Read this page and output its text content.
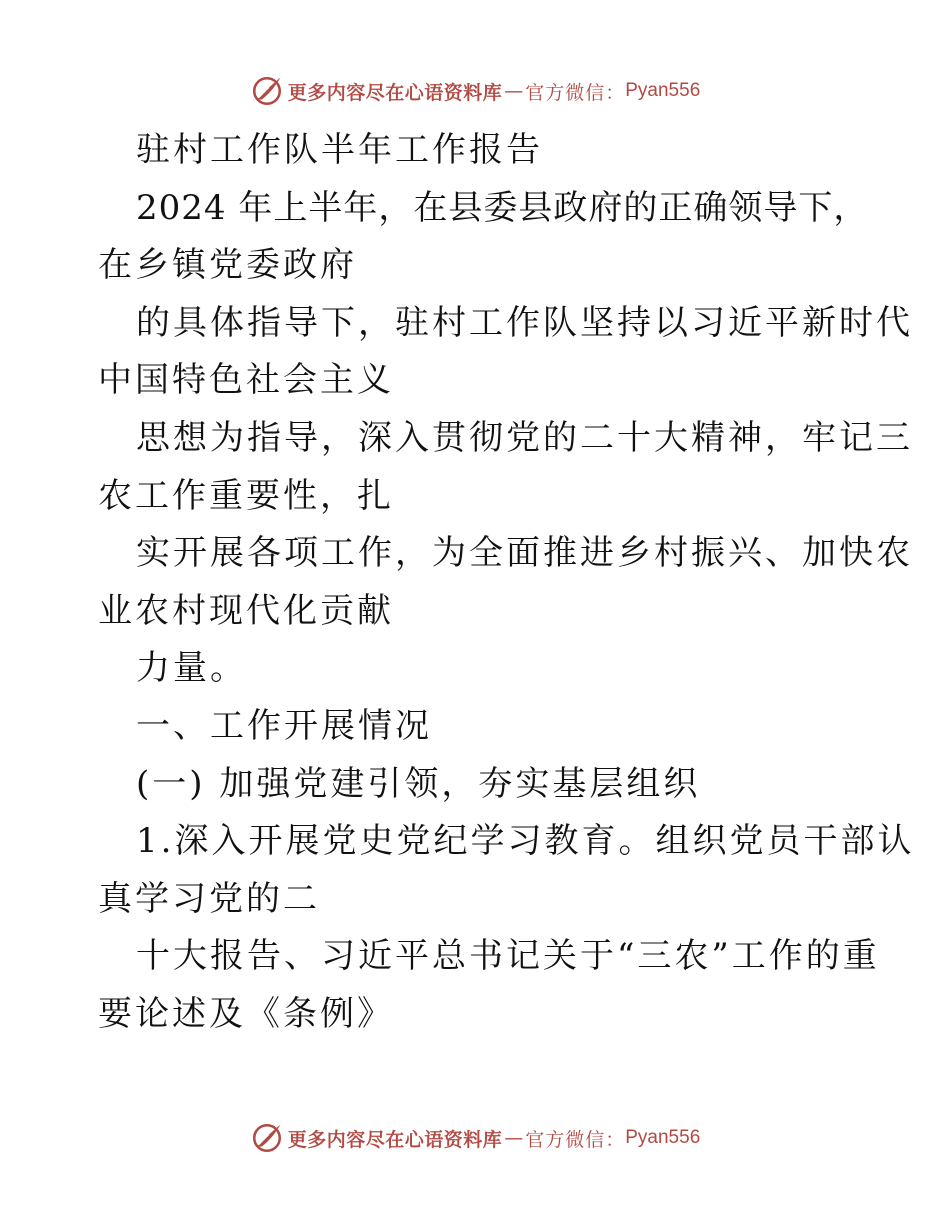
更多内容尽在心语资料库 — 官方微信： Pyan556
驻村工作队半年工作报告
2024 年上半年，在县委县政府的正确领导下，
在乡镇党委政府
的具体指导下，驻村工作队坚持以习近平新时代
中国特色社会主义
思想为指导，深入贯彻党的二十大精神，牢记三
农工作重要性，扎
实开展各项工作，为全面推进乡村振兴、加快农
业农村现代化贡献
力量。
一、工作开展情况
(一) 加强党建引领，夯实基层组织
1.深入开展党史党纪学习教育。组织党员干部认
真学习党的二
十大报告、习近平总书记关于“三农”工作的重
要论述及《条例》
更多内容尽在心语资料库 — 官方微信： Pyan556
